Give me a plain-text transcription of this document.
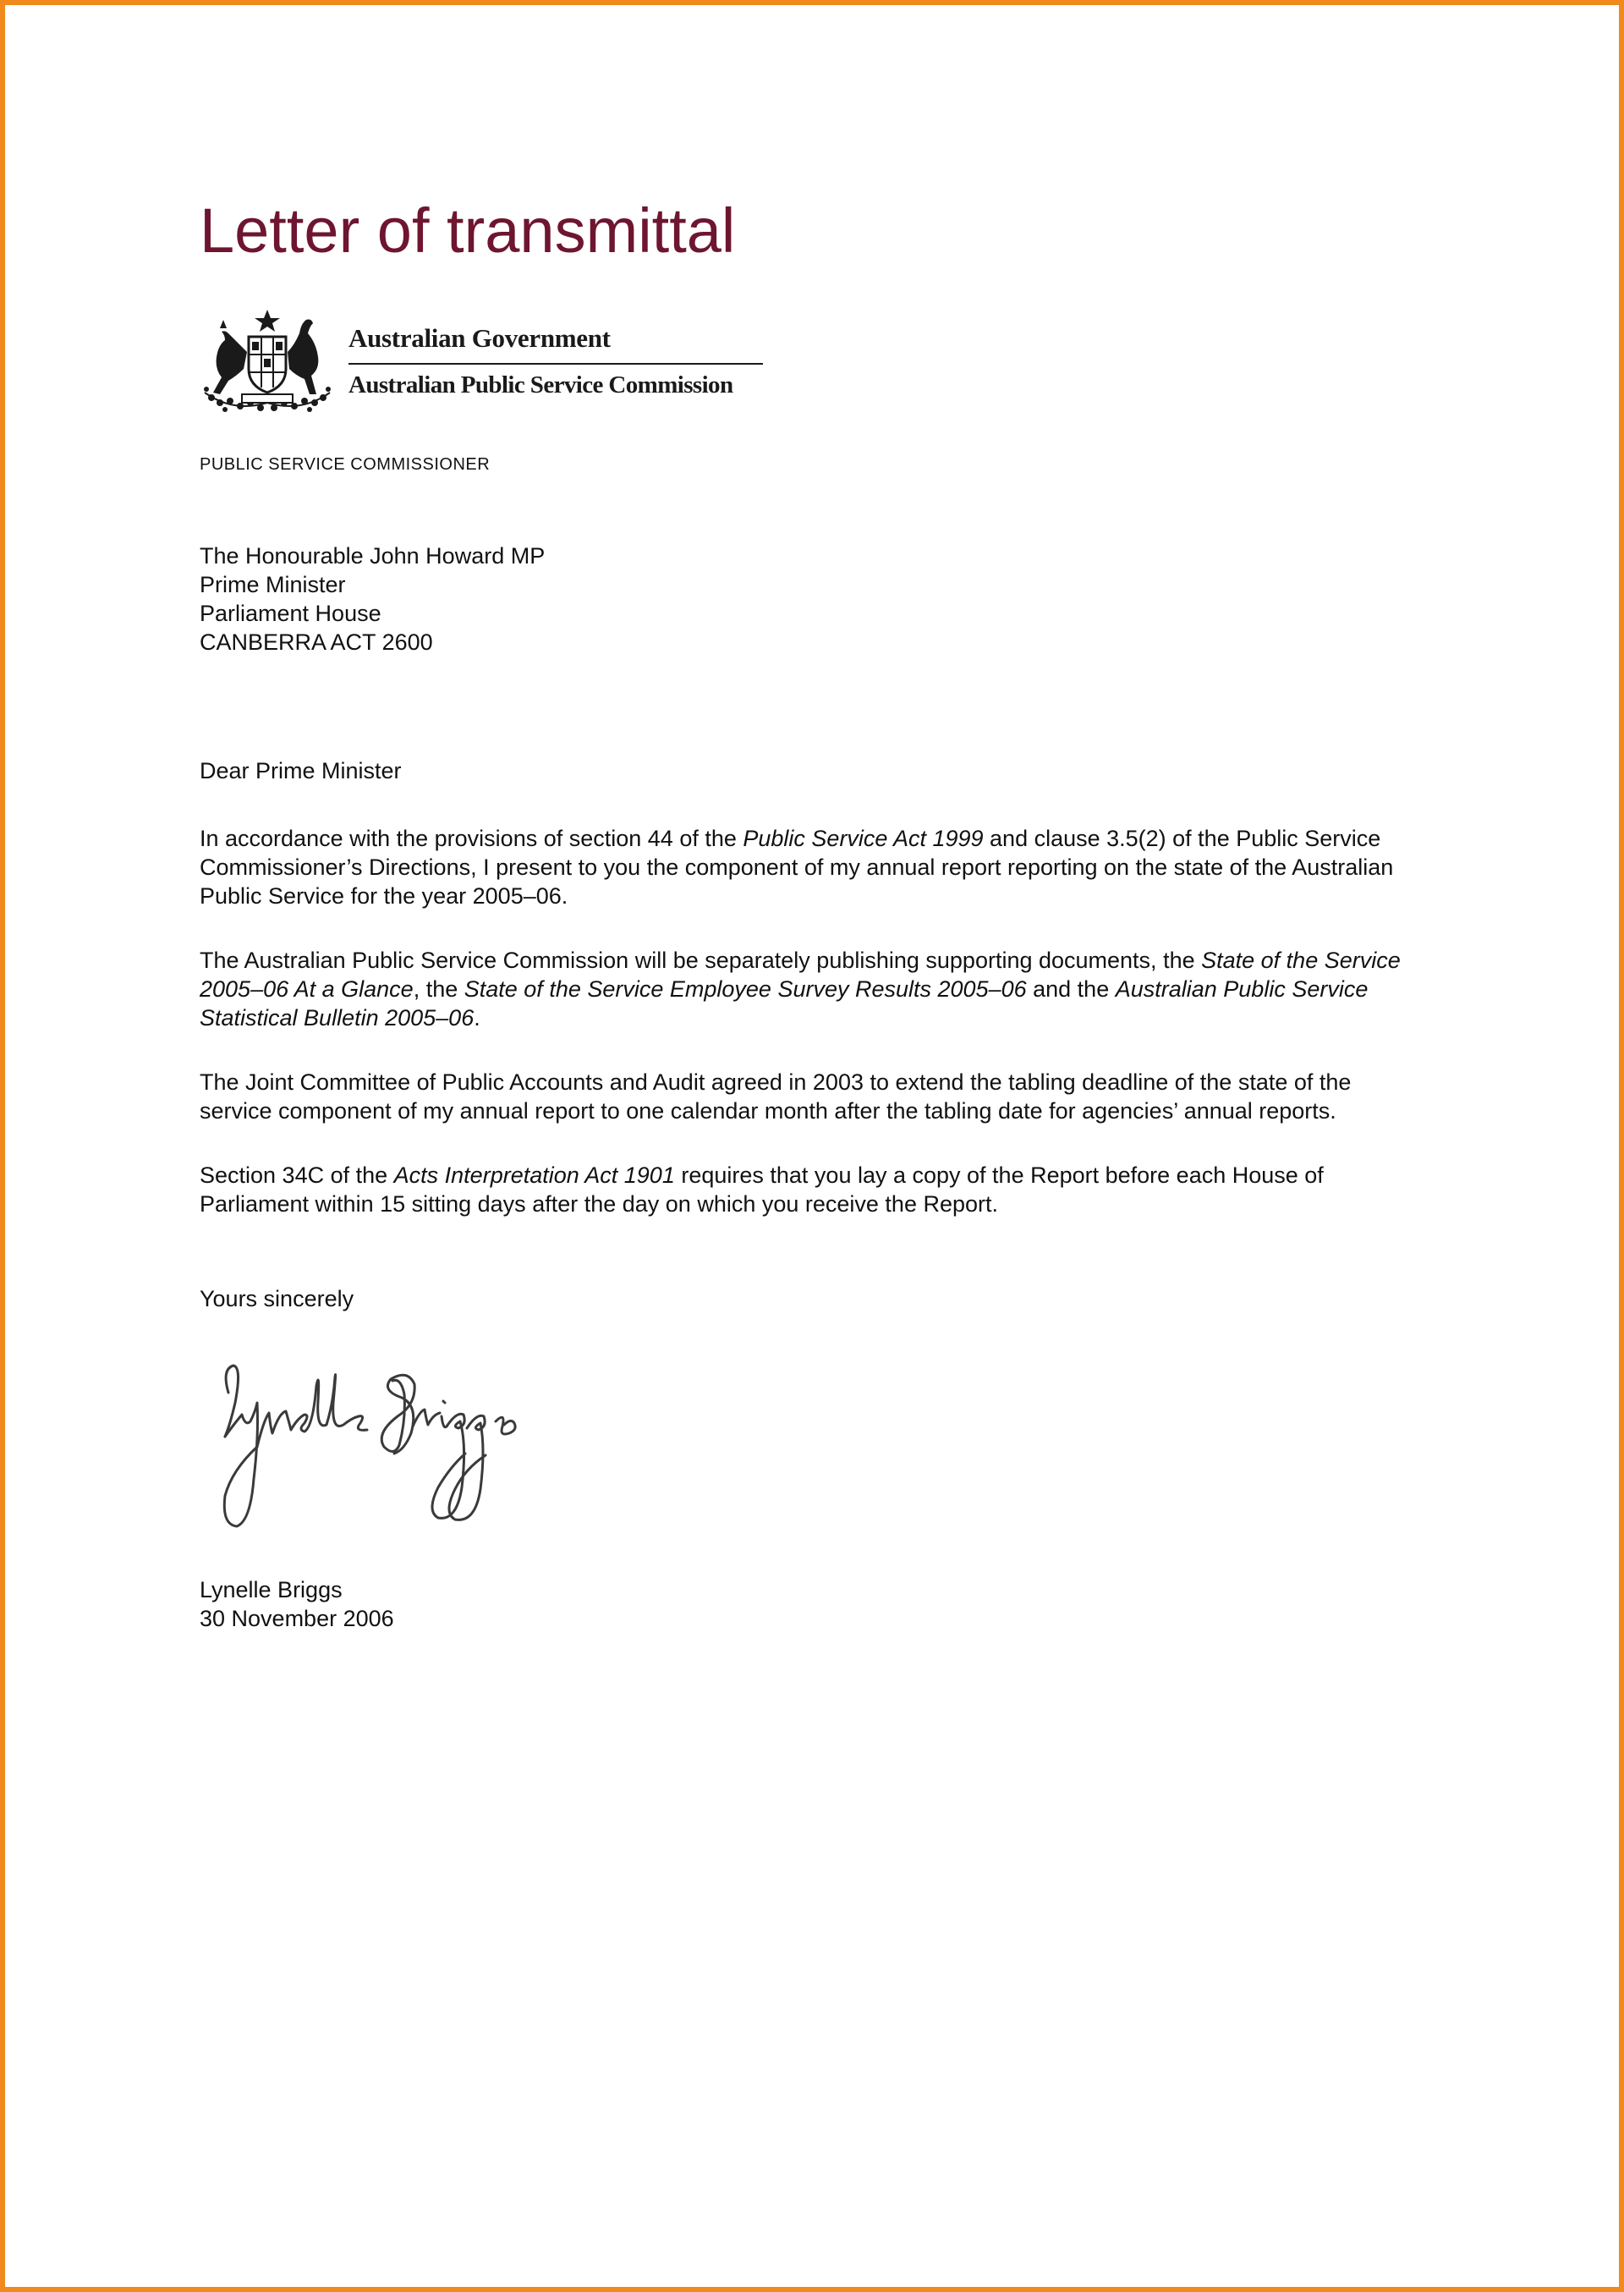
Letter of transmittal
Australian Government
Australian Public Service Commission
PUBLIC SERVICE COMMISSIONER
The Honourable John Howard MP
Prime Minister
Parliament House
CANBERRA ACT 2600
Dear Prime Minister

In accordance with the provisions of section 44 of the Public Service Act 1999 and clause 3.5(2) of the Public Service Commissioner’s Directions, I present to you the component of my annual report reporting on the state of the Australian Public Service for the year 2005–06.

The Australian Public Service Commission will be separately publishing supporting documents, the State of the Service 2005–06 At a Glance, the State of the Service Employee Survey Results 2005–06 and the Australian Public Service Statistical Bulletin 2005–06.

The Joint Committee of Public Accounts and Audit agreed in 2003 to extend the tabling deadline of the state of the service component of my annual report to one calendar month after the tabling date for agencies’ annual reports.

Section 34C of the Acts Interpretation Act 1901 requires that you lay a copy of the Report before each House of Parliament within 15 sitting days after the day on which you receive the Report.

Yours sincerely
Lynelle Briggs
30 November 2006
